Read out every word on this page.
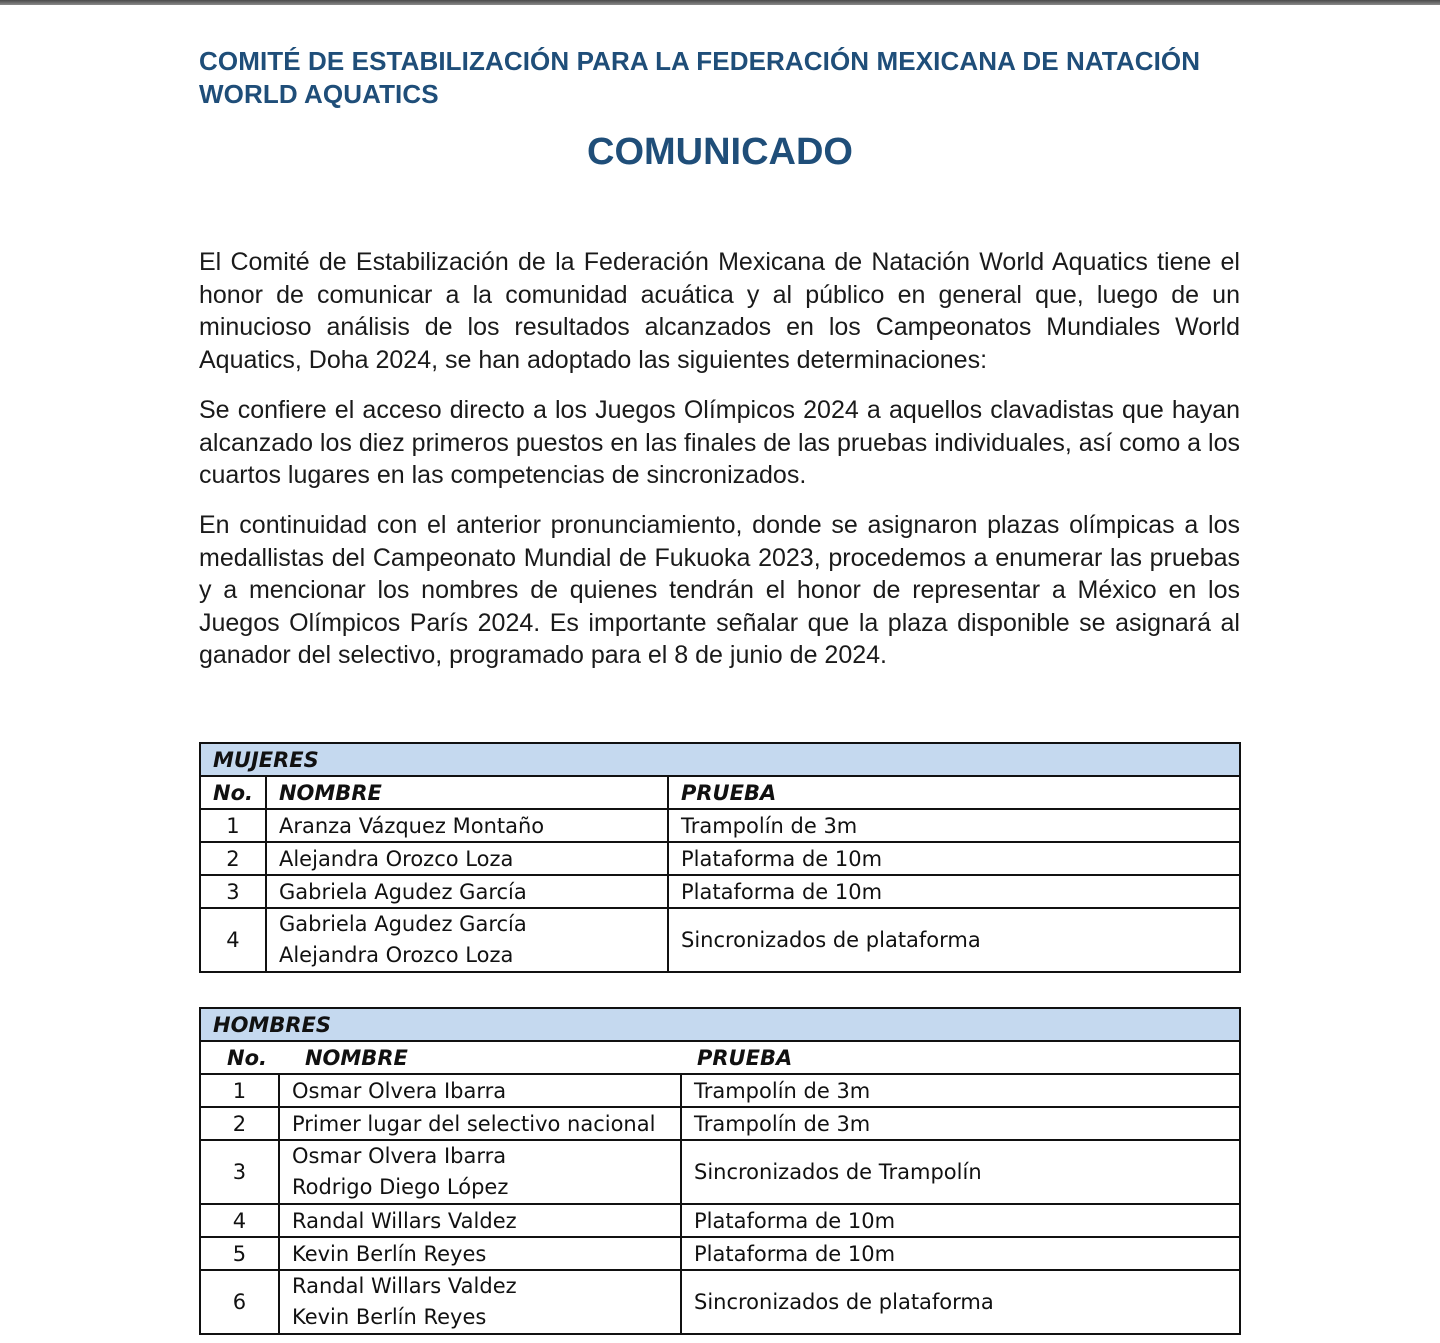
COMITÉ DE ESTABILIZACIÓN PARA LA FEDERACIÓN MEXICANA DE NATACIÓN
WORLD AQUATICS
COMUNICADO

El Comité de Estabilización de la Federación Mexicana de Natación World Aquatics tiene el honor de comunicar a la comunidad acuática y al público en general que, luego de un minucioso análisis de los resultados alcanzados en los Campeonatos Mundiales World Aquatics, Doha 2024, se han adoptado las siguientes determinaciones:

Se confiere el acceso directo a los Juegos Olímpicos 2024 a aquellos clavadistas que hayan alcanzado los diez primeros puestos en las finales de las pruebas individuales, así como a los cuartos lugares en las competencias de sincronizados.

En continuidad con el anterior pronunciamiento, donde se asignaron plazas olímpicas a los medallistas del Campeonato Mundial de Fukuoka 2023, procedemos a enumerar las pruebas y a mencionar los nombres de quienes tendrán el honor de representar a México en los Juegos Olímpicos París 2024. Es importante señalar que la plaza disponible se asignará al ganador del selectivo, programado para el 8 de junio de 2024.

MUJERES		
No.	NOMBRE	PRUEBA
1	Aranza Vázquez Montaño	Trampolín de 3m
2	Alejandra Orozco Loza	Plataforma de 10m
3	Gabriela Agudez García	Plataforma de 10m
4	Gabriela Agudez García
Alejandra Orozco Loza	Sincronizados de plataforma
HOMBRES		
No.	NOMBRE	PRUEBA
1	Osmar Olvera Ibarra	Trampolín de 3m
2	Primer lugar del selectivo nacional	Trampolín de 3m
3	Osmar Olvera Ibarra
Rodrigo Diego López	Sincronizados de Trampolín
4	Randal Willars Valdez	Plataforma de 10m
5	Kevin Berlín Reyes	Plataforma de 10m
6	Randal Willars Valdez
Kevin Berlín Reyes	Sincronizados de plataforma
